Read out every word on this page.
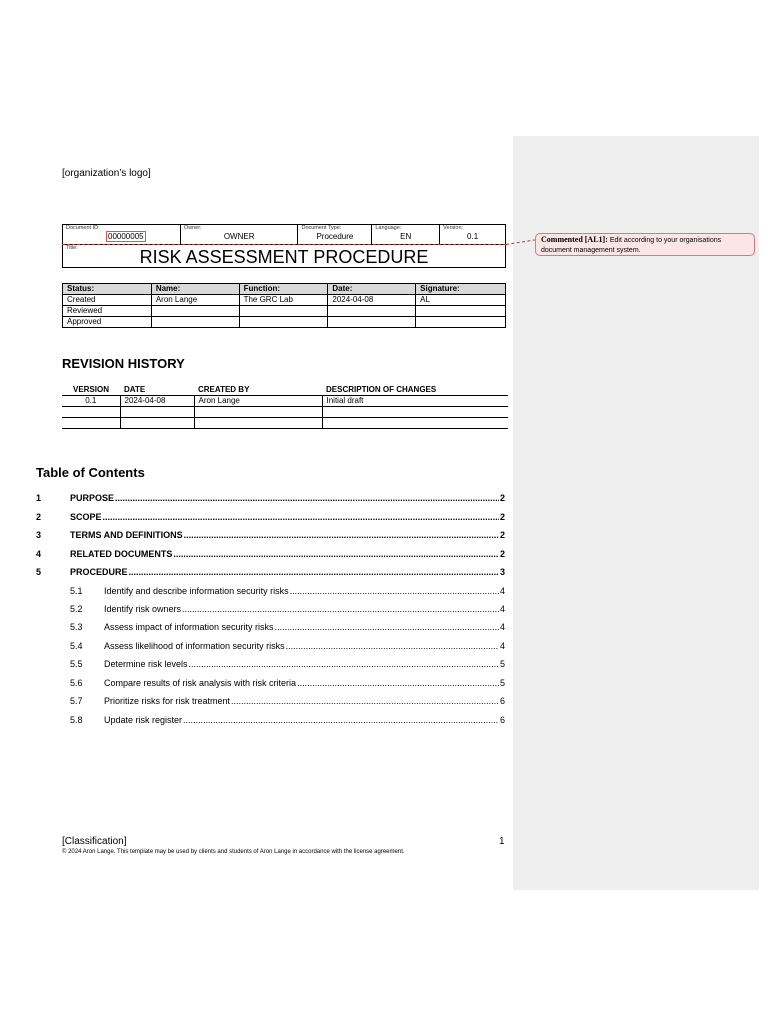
[organization’s logo]
Document ID:
00000005

Owner:
OWNER

Document Type:
Procedure

Language:
EN

Version:
0.1

Title:	RISK ASSESSMENT PROCEDURE
Status:	Name:	Function:	Date:	Signature:
Created	Aron Lange	The GRC Lab	2024-04-08	AL
Reviewed				
Approved				
REVISION HISTORY
VERSION	DATE	CREATED BY	DESCRIPTION OF CHANGES
0.1	2024-04-08	Aron Lange	Initial draft

Table of Contents
1	PURPOSE .....	2
2	SCOPE .....	2
3	TERMS AND DEFINITIONS .....	2
4	RELATED DOCUMENTS .....	2
5	PROCEDURE .....	3
5.1	Identify and describe information security risks .....	4
5.2	Identify risk owners .....	4
5.3	Assess impact of information security risks .....	4
5.4	Assess likelihood of information security risks .....	4
5.5	Determine risk levels .....	5
5.6	Compare results of risk analysis with risk criteria .....	5
5.7	Prioritize risks for risk treatment .....	6
5.8	Update risk register .....	6
[Classification]	1
© 2024 Aron Lange. This template may be used by clients and students of Aron Lange in accordance with the license agreement.
Commented [AL1]: Edit according to your organisations document management system.
